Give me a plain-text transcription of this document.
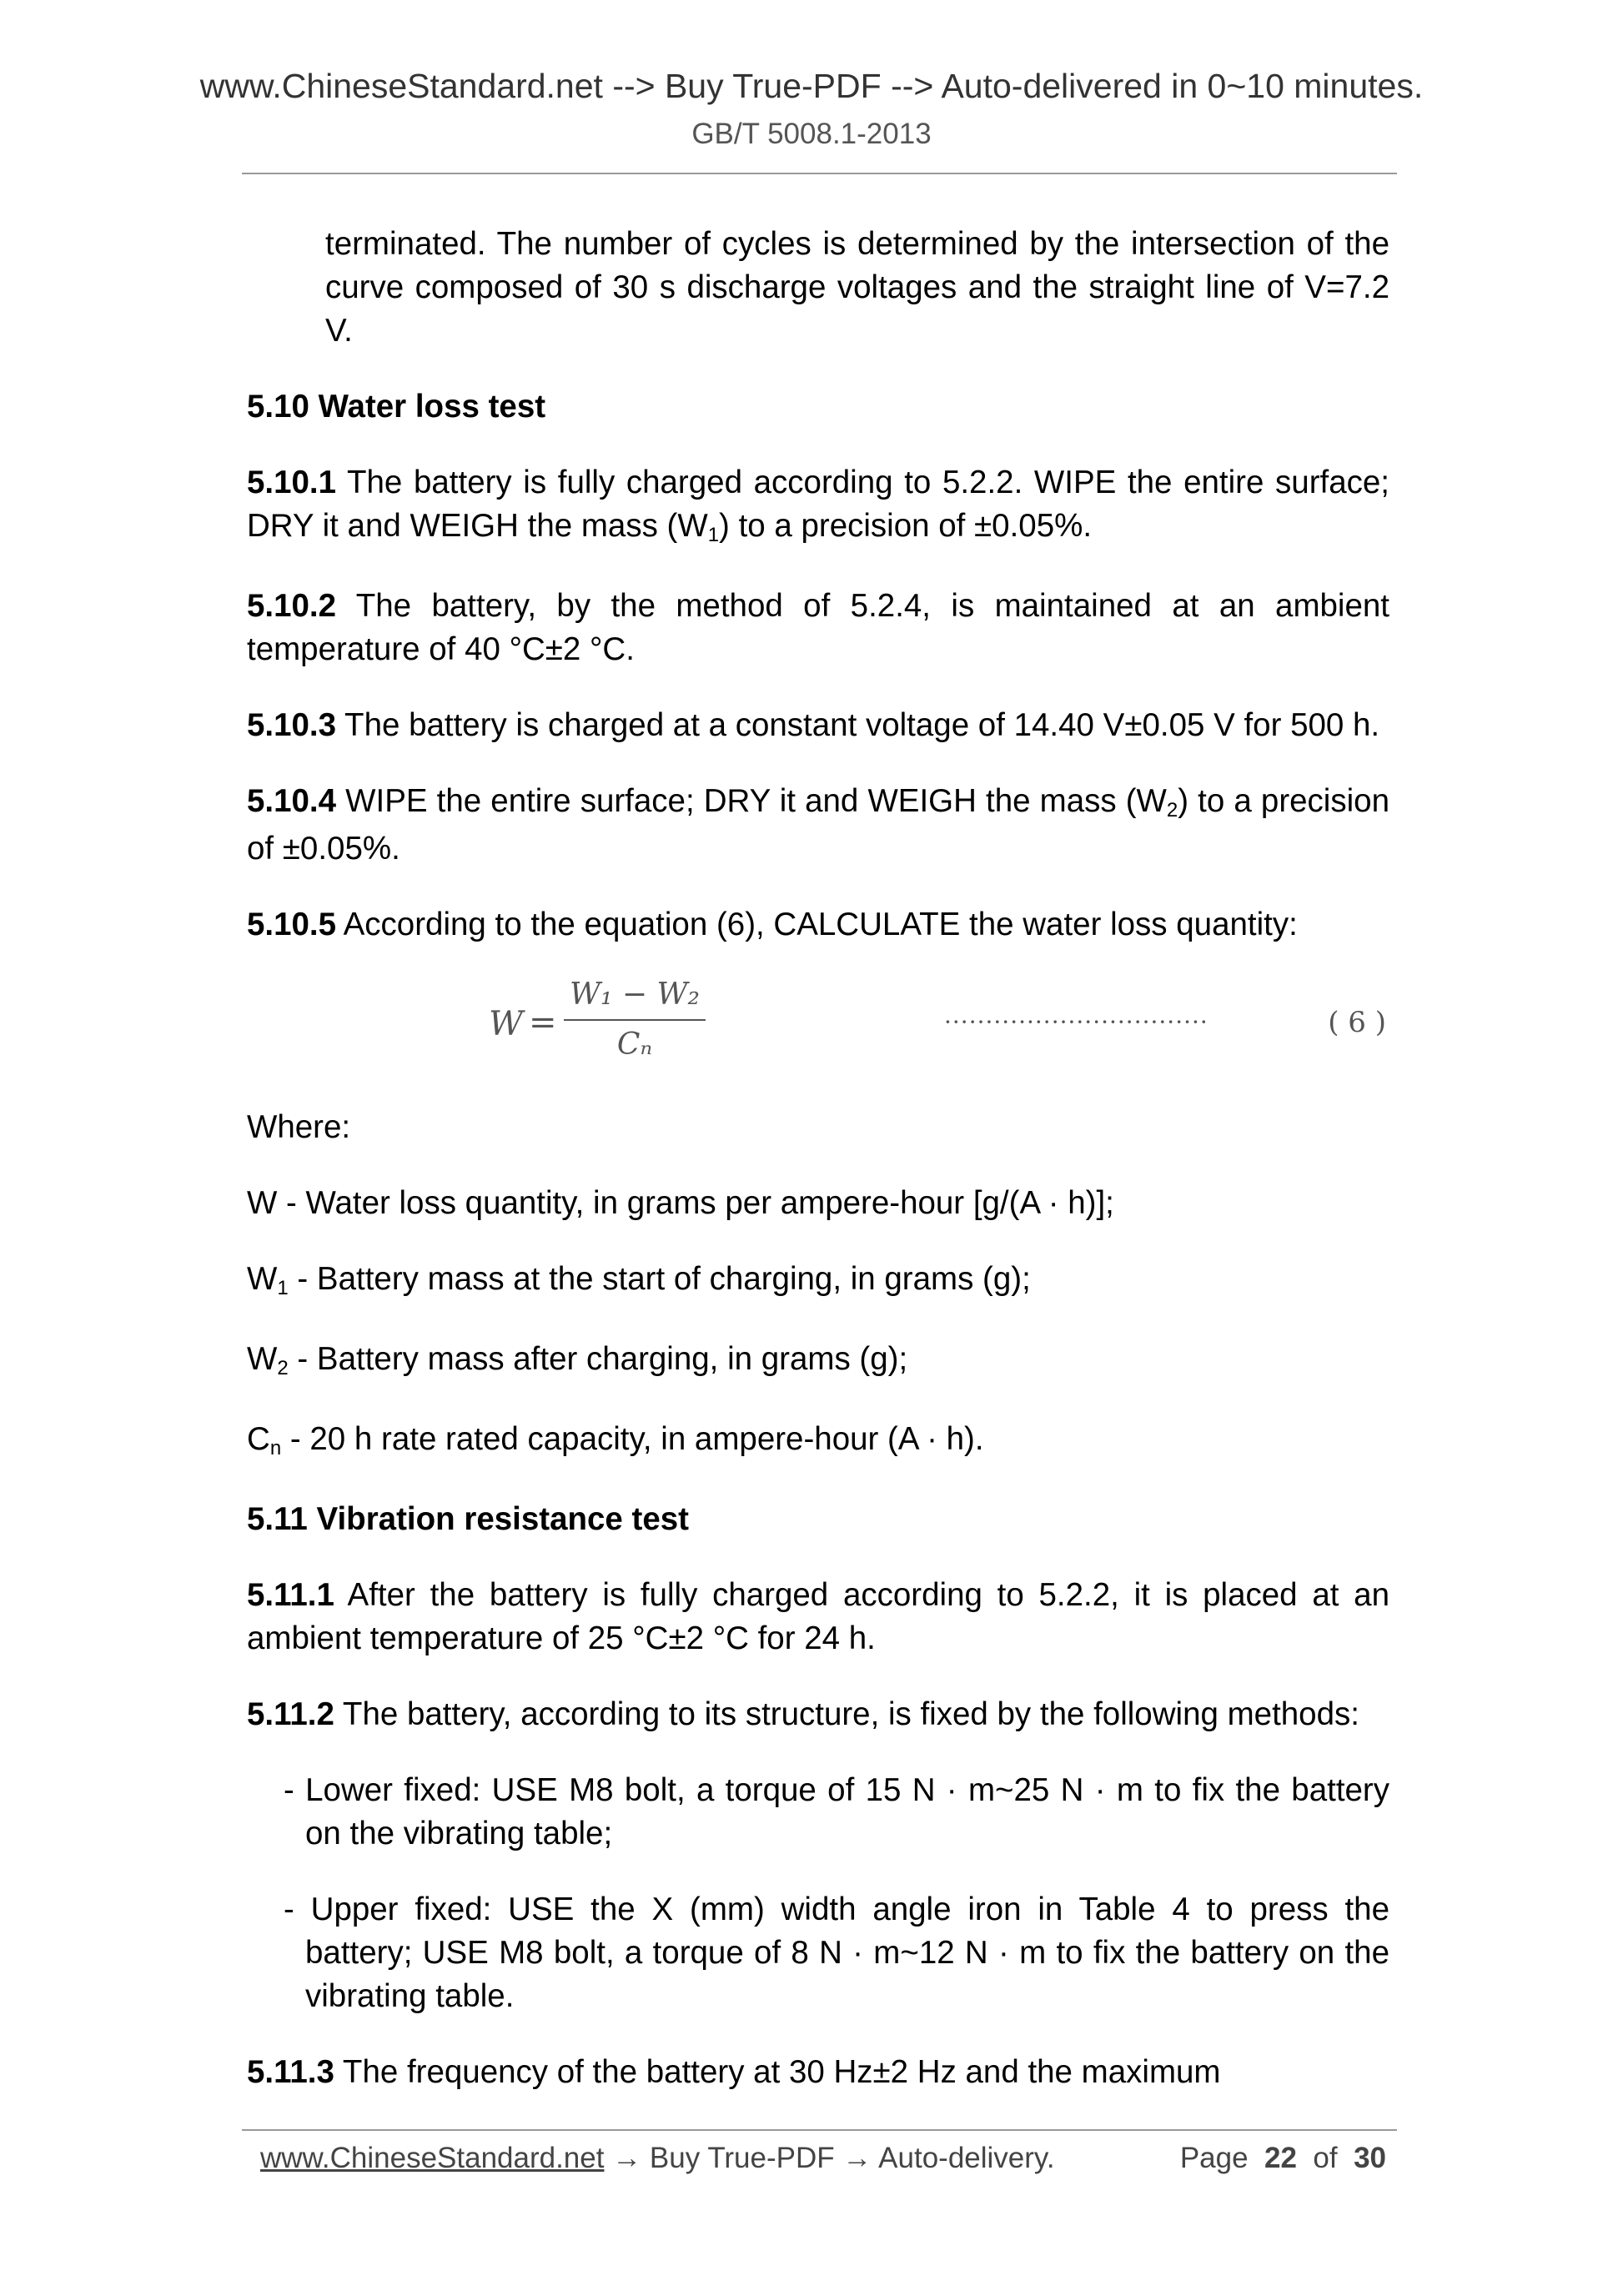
www.ChineseStandard.net --> Buy True-PDF --> Auto-delivered in 0~10 minutes.
GB/T 5008.1-2013

terminated. The number of cycles is determined by the intersection of the curve composed of 30 s discharge voltages and the straight line of V=7.2 V.

5.10 Water loss test

5.10.1 The battery is fully charged according to 5.2.2. WIPE the entire surface; DRY it and WEIGH the mass $(W_1)$ to a precision of ±0.05%.

5.10.2 The battery, by the method of 5.2.4, is maintained at an ambient temperature of 40 °C±2 °C.

5.10.3 The battery is charged at a constant voltage of 14.40 V±0.05 V for 500 h.

5.10.4 WIPE the entire surface; DRY it and WEIGH the mass $(W_2)$ to a precision of ±0.05%.

5.10.5 According to the equation (6), CALCULATE the water loss quantity:

W =
W₁ − W₂
Cₙ
································	( 6 )

Where:

W - Water loss quantity, in grams per ampere-hour [g/(A · h)];

$W_1$ - Battery mass at the start of charging, in grams (g);

$W_2$ - Battery mass after charging, in grams (g);

$C_n - 20$ h rate rated capacity, in ampere-hour (A · h).

5.11 Vibration resistance test

5.11.1 After the battery is fully charged according to 5.2.2, it is placed at an ambient temperature of 25 °C±2 °C for 24 h.

5.11.2 The battery, according to its structure, is fixed by the following methods:

- Lower fixed: USE M8 bolt, a torque of 15 N · m~25 N · m to fix the battery on the vibrating table;

- Upper fixed: USE the X (mm) width angle iron in Table 4 to press the battery; USE M8 bolt, a torque of 8 N · m~12 N · m to fix the battery on the vibrating table.

5.11.3 The frequency of the battery at 30 Hz±2 Hz and the maximum

www.ChineseStandard.net → Buy True-PDF → Auto-delivery.	Page 22 of 30
